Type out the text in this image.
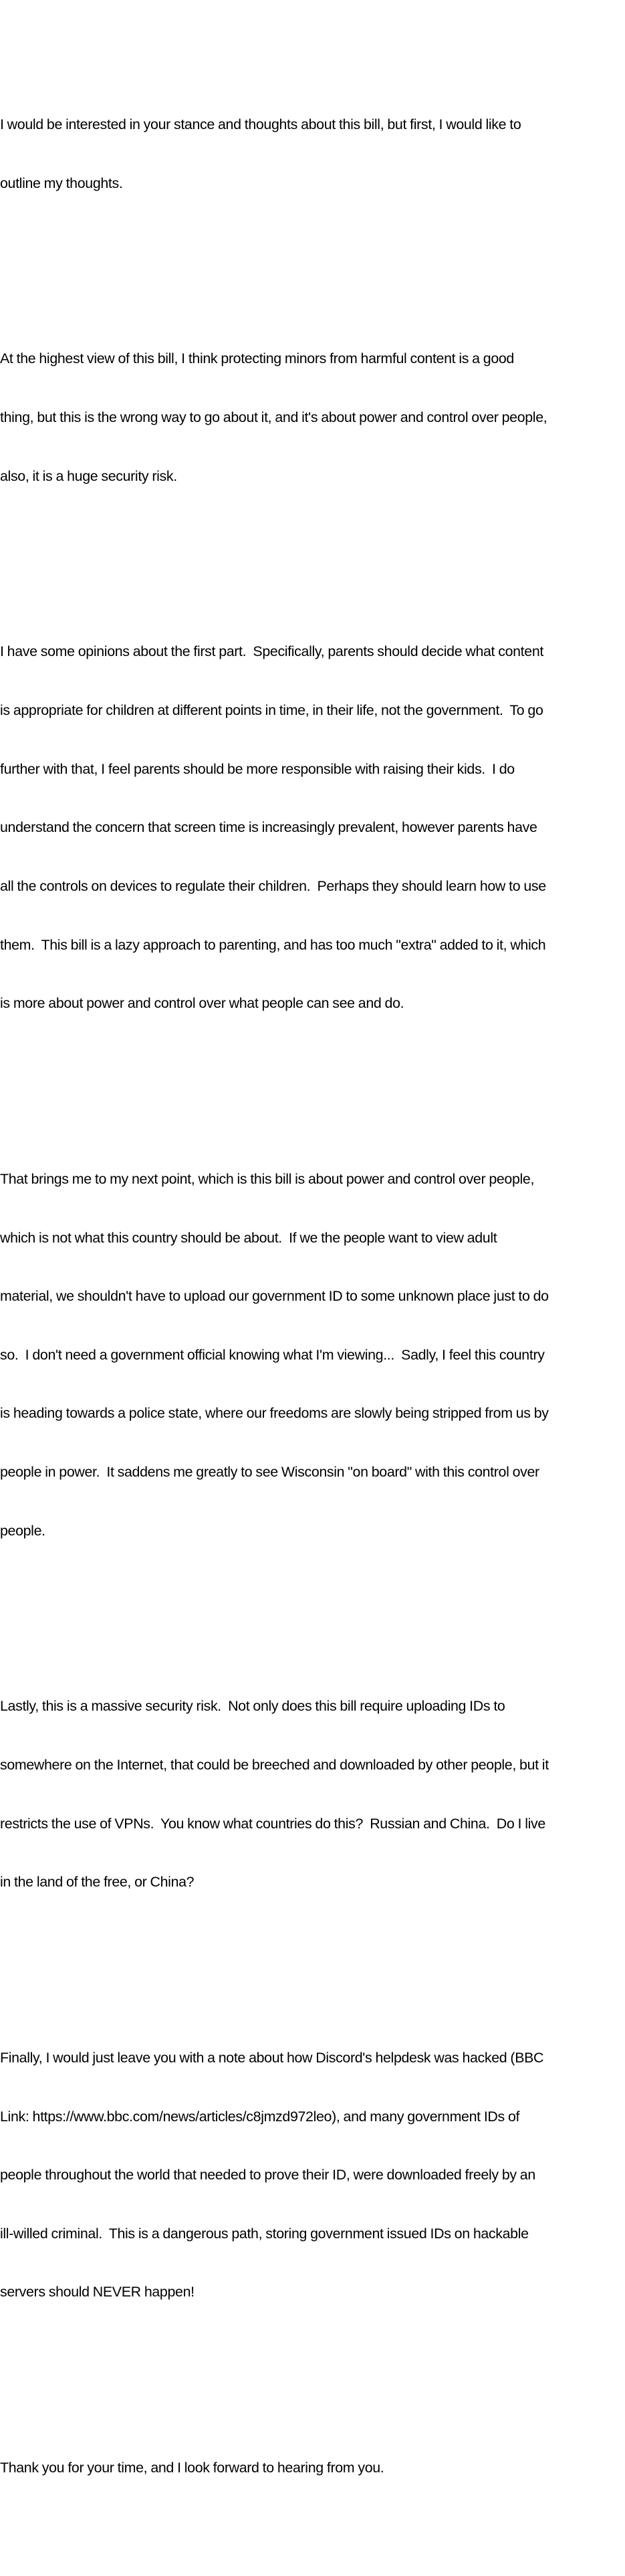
I would be interested in your stance and thoughts about this bill, but first, I would like to

outline my thoughts.

At the highest view of this bill, I think protecting minors from harmful content is a good

thing, but this is the wrong way to go about it, and it's about power and control over people,

also, it is a huge security risk.

I have some opinions about the first part.  Specifically, parents should decide what content

is appropriate for children at different points in time, in their life, not the government.  To go

further with that, I feel parents should be more responsible with raising their kids.  I do

understand the concern that screen time is increasingly prevalent, however parents have

all the controls on devices to regulate their children.  Perhaps they should learn how to use

them.  This bill is a lazy approach to parenting, and has too much "extra" added to it, which

is more about power and control over what people can see and do.

That brings me to my next point, which is this bill is about power and control over people,

which is not what this country should be about.  If we the people want to view adult

material, we shouldn't have to upload our government ID to some unknown place just to do

so.  I don't need a government official knowing what I'm viewing...  Sadly, I feel this country

is heading towards a police state, where our freedoms are slowly being stripped from us by

people in power.  It saddens me greatly to see Wisconsin "on board" with this control over

people.

Lastly, this is a massive security risk.  Not only does this bill require uploading IDs to

somewhere on the Internet, that could be breeched and downloaded by other people, but it

restricts the use of VPNs.  You know what countries do this?  Russian and China.  Do I live

in the land of the free, or China?

Finally, I would just leave you with a note about how Discord's helpdesk was hacked (BBC

Link: https://www.bbc.com/news/articles/c8jmzd972leo), and many government IDs of

people throughout the world that needed to prove their ID, were downloaded freely by an

ill-willed criminal.  This is a dangerous path, storing government issued IDs on hackable

servers should NEVER happen!

Thank you for your time, and I look forward to hearing from you.
